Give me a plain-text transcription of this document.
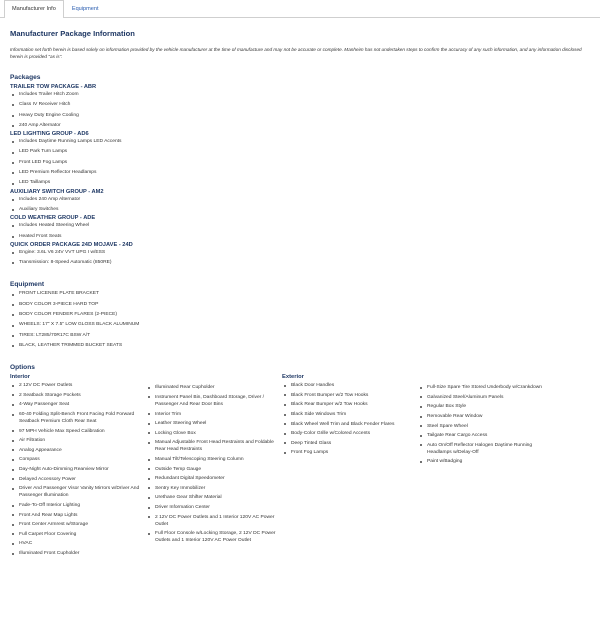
Manufacturer Info	Equipment
Manufacturer Package Information

Information set forth herein is based solely on information provided by the vehicle manufacturer at the time of manufacture and may not be accurate or complete. Manheim has not undertaken steps to confirm the accuracy of any such information, and any information disclosed herein is provided "as is".

Packages
TRAILER TOW PACKAGE - ABR
Includes Trailer Hitch Zoom
Class IV Receiver Hitch
Heavy Duty Engine Cooling
240 Amp Alternator
LED LIGHTING GROUP - AD6
Includes Daytime Running Lamps LED Accents
LED Park Turn Lamps
Front LED Fog Lamps
LED Premium Reflector Headlamps
LED Taillamps
AUXILIARY SWITCH GROUP - AM2
Includes 240 Amp Alternator
Auxiliary Switches
COLD WEATHER GROUP - ADE
Includes Heated Steering Wheel
Heated Front Seats
QUICK ORDER PACKAGE 24D MOJAVE - 24D
Engine: 3.6L V6 24V VVT UPG I w/ESS
Transmission: 8-Speed Automatic (850RE)
Equipment
FRONT LICENSE PLATE BRACKET
BODY COLOR 3-PIECE HARD TOP
BODY COLOR FENDER FLARES (2-PIECE)
WHEELS: 17" X 7.5" LOW GLOSS BLACK ALUMINUM
TIRES: LT285/70R17C BSW A/T
BLACK, LEATHER TRIMMED BUCKET SEATS
Options
Interior
2 12V DC Power Outlets
2 Seatback Storage Pockets
4-Way Passenger Seat
60-40 Folding Split-Bench Front Facing Fold Forward Seatback Premium Cloth Rear Seat
97 MPH Vehicle Max Speed Calibration
Air Filtration
Analog Appearance
Compass
Day-Night Auto-Dimming Rearview Mirror
Delayed Accessory Power
Driver And Passenger Visor Vanity Mirrors w/Driver And Passenger Illumination
Fade-To-Off Interior Lighting
Front And Rear Map Lights
Front Center Armrest w/Storage
Full Carpet Floor Covering
HVAC
Illuminated Front Cupholder
Illuminated Rear Cupholder
Instrument Panel Bin, Dashboard Storage, Driver / Passenger And Rear Door Bins
Interior Trim
Leather Steering Wheel
Locking Glove Box
Manual Adjustable Front Head Restraints and Foldable Rear Head Restraints
Manual Tilt/Telescoping Steering Column
Outside Temp Gauge
Redundant Digital Speedometer
Sentry Key Immobilizer
Urethane Gear Shifter Material
Driver Information Center
2 12V DC Power Outlets and 1 Interior 120V AC Power Outlet
Full Floor Console w/Locking Storage, 2 12V DC Power Outlets and 1 Interior 120V AC Power Outlet
Exterior
Black Door Handles
Black Front Bumper w/2 Tow Hooks
Black Rear Bumper w/2 Tow Hooks
Black Side Windows Trim
Black Wheel Well Trim and Black Fender Flares
Body-Color Grille w/Colored Accents
Deep Tinted Glass
Front Fog Lamps
Full-Size Spare Tire Stored Underbody w/Crankdown
Galvanized Steel/Aluminum Panels
Regular Box Style
Removable Rear Window
Steel Spare Wheel
Tailgate Rear Cargo Access
Auto On/Off Reflector Halogen Daytime Running Headlamps w/Delay-Off
Paint w/Badging
